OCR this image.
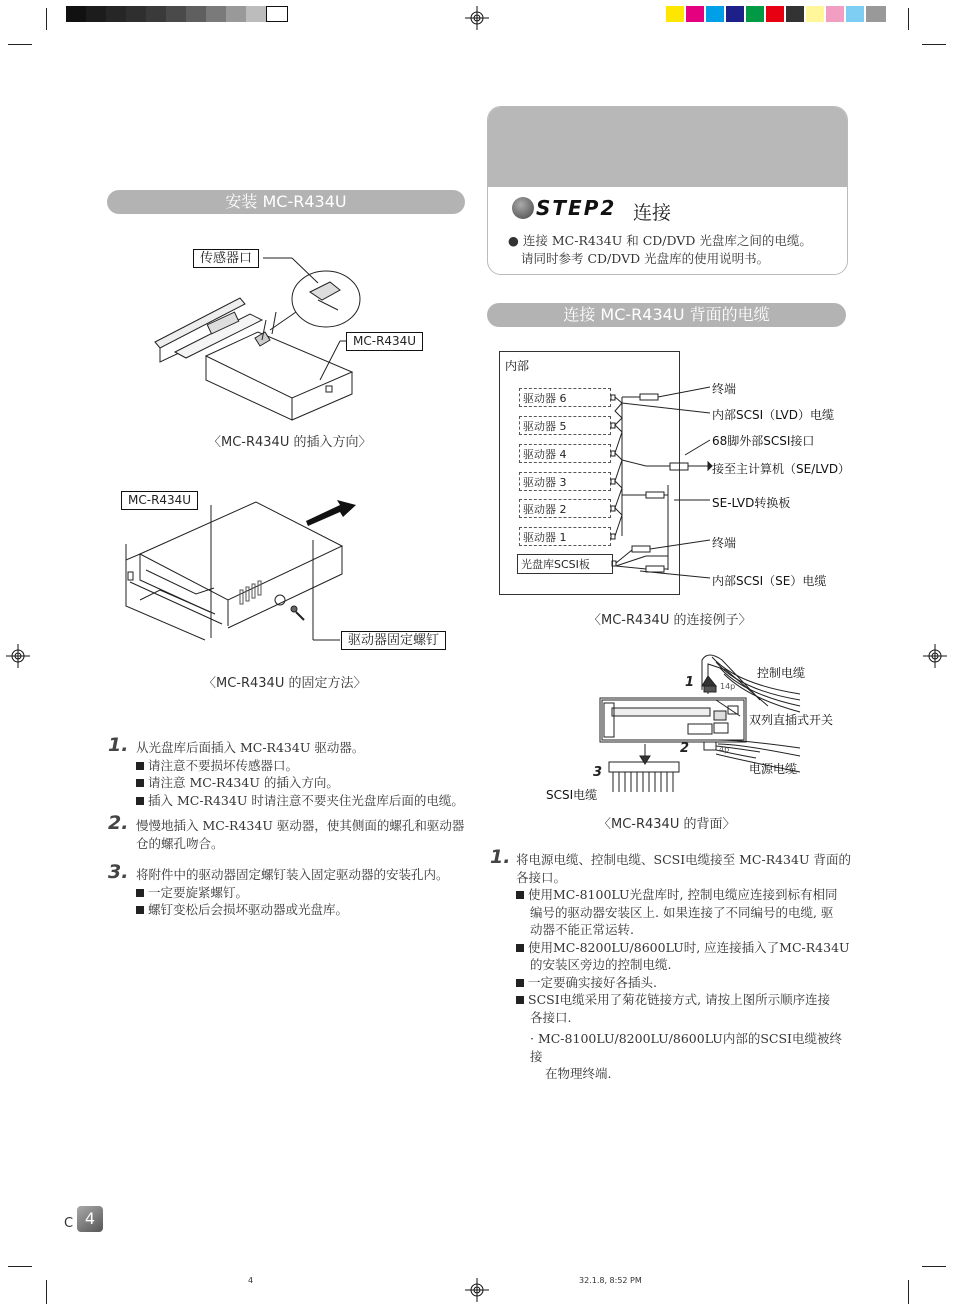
安装 MC-R434U
传感器口
MC-R434U
〈MC-R434U 的插入方向〉
MC-R434U
驱动器固定螺钉
〈MC-R434U 的固定方法〉
1. 从光盘库后面插入 MC-R434U 驱动器。

请注意不要损坏传感器口。

请注意 MC-R434U 的插入方向。

插入 MC-R434U 时请注意不要夹住光盘库后面的电缆。

2. 慢慢地插入 MC-R434U 驱动器，使其侧面的螺孔和驱动器

仓的螺孔吻合。

3. 将附件中的驱动器固定螺钉装入固定驱动器的安装孔内。

一定要旋紧螺钉。

螺钉变松后会损坏驱动器或光盘库。

STEP2 连接

● 连接 MC-R434U 和 CD/DVD 光盘库之间的电缆。

请同时参考 CD/DVD 光盘库的使用说明书。

连接 MC-R434U 背面的电缆
内部
驱动器 6
驱动器 5
驱动器 4
驱动器 3
驱动器 2
驱动器 1
光盘库SCSI板
终端
内部SCSI（LVD）电缆
68脚外部SCSI接口
接至主计算机（SE/LVD）
SE-LVD转换板
终端
内部SCSI（SE）电缆
〈MC-R434U 的连接例子〉
控制电缆
双列直插式开关
电源电缆
SCSI电缆
1
2
3
14p
4p
〈MC-R434U 的背面〉
1. 将电源电缆、控制电缆、SCSI电缆接至 MC-R434U 背面的

各接口。

使用MC-8100LU光盘库时, 控制电缆应连接到标有相同

编号的驱动器安装区上. 如果连接了不同编号的电缆, 驱

动器不能正常运转.

使用MC-8200LU/8600LU时, 应连接插入了MC-R434U

的安装区旁边的控制电缆.

一定要确实接好各插头.

SCSI电缆采用了菊花链接方式, 请按上图所示顺序连接

各接口.

· MC-8100LU/8200LU/8600LU内部的SCSI电缆被终接

在物理终端.

C 4
4	32.1.8, 8:52 PM
